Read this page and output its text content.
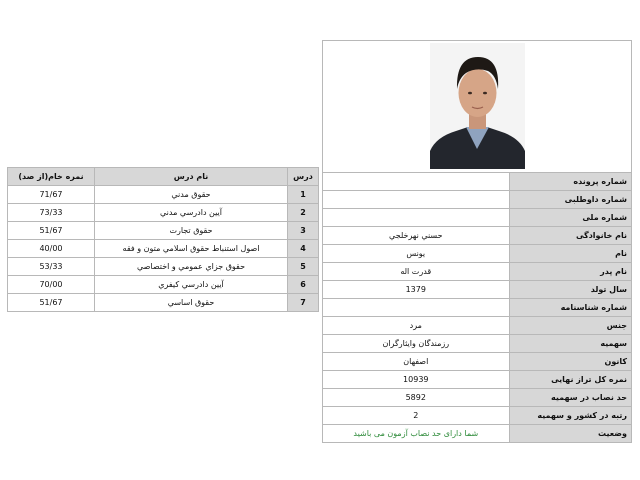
نمره خام(از صد)	نام درس	درس
71/67	حقوق مدني	1
73/33	آيين دادرسي مدني	2
51/67	حقوق تجارت	3
40/00	اصول استنباط حقوق اسلامي متون و فقه	4
53/33	حقوق جزاي عمومي و اختصاصي	5
70/00	آيين دادرسي كيفري	6
51/67	حقوق اساسي	7
	شماره پرونده
	شماره داوطلبی
	شماره ملی
حسني نهرخلجي	نام خانوادگی
يونس	نام
قدرت اله	نام پدر
1379	سال تولد
	شماره شناسنامه
مرد	جنس
رزمندگان وايثارگران	سهميه
اصفهان	كانون
10939	نمره كل تراز نهايی
5892	حد نصاب در سهميه
2	رتبه در كشور و سهميه
شما دارای حد نصاب آزمون می باشيد	وضعيت
